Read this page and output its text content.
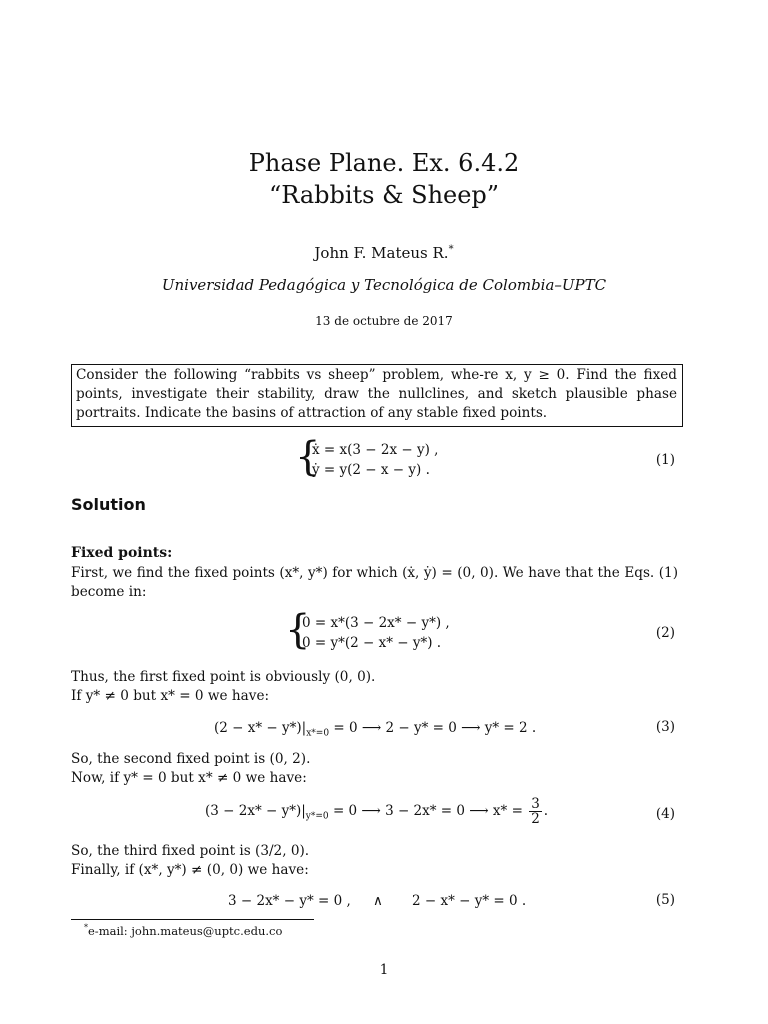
Phase Plane. Ex. 6.4.2
“Rabbits & Sheep”
John F. Mateus R.*
Universidad Pedagógica y Tecnológica de Colombia–UPTC
13 de octubre de 2017
Consider the following “rabbits vs sheep” problem, whe-re x, y ≥ 0. Find the fixed points, investigate their stability, draw the nullclines, and sketch plausible phase portraits. Indicate the basins of attraction of any stable fixed points.
{
ẋ = x(3 − 2x − y) ,
ẏ = y(2 − x − y) .
(1)
Solution
Fixed points:
First, we find the fixed points (x*, y*) for which (ẋ, ẏ) = (0, 0). We have that the Eqs. (1) become in:
{
0 = x*(3 − 2x* − y*) ,
0 = y*(2 − x* − y*) .
(2)
Thus, the first fixed point is obviously (0, 0).
If y* ≠ 0 but x* = 0 we have:
$(2 - x* - y*)|_{x*=0} = 0$ ⟶ 2 − y* = 0 ⟶ y* = 2 .	(3)
So, the second fixed point is (0, 2).
Now, if y* = 0 but x* ≠ 0 we have:
$(3 - 2x* - y*)|_{y*=0} = 0$ ⟶ 3 − 2x* = 0 ⟶ $x* = \frac{3}{2}$ .	(4)
So, the third fixed point is (3/2, 0).
Finally, if (x*, y*) ≠ (0, 0) we have:
3 − 2x* − y* = 0 , ∧ 2 − x* − y* = 0 .	(5)
*e-mail: john.mateus@uptc.edu.co
1
